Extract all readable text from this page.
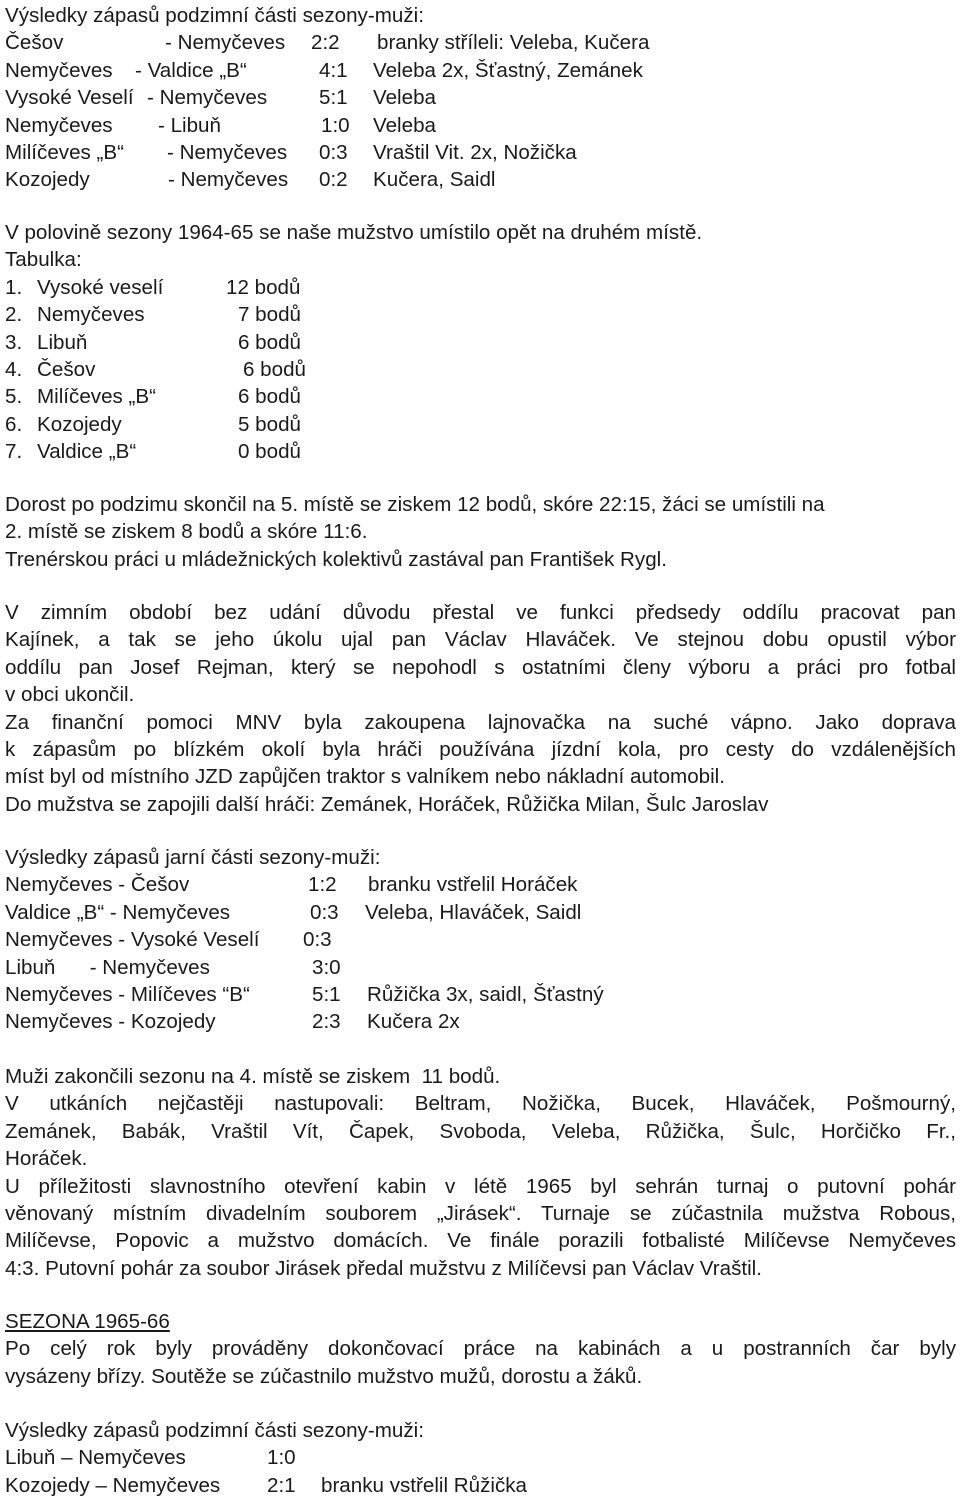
Výsledky zápasů podzimní části sezony-muži:
Češov	- Nemyčeves 2:2 branky stříleli: Veleba, Kučera
Nemyčeves - Valdice „B“	4:1 Veleba 2x, Šťastný, Zemánek
Vysoké Veselí - Nemyčeves	5:1 Veleba
Nemyčeves - Libuň	1:0 Veleba
Milíčeves „B“ - Nemyčeves 0:3 Vraštil Vit. 2x, Nožička
Kozojedy	- Nemyčeves 0:2 Kučera, Saidl
V polovině sezony 1964-65 se naše mužstvo umístilo opět na druhém místě.
Tabulka:
1. Vysoké veselí	12 bodů
2. Nemyčeves	7 bodů
3. Libuň	6 bodů
4. Češov	6 bodů
5. Milíčeves „B“	6 bodů
6. Kozojedy	5 bodů
7. Valdice „B“	0 bodů
Dorost po podzimu skončil na 5. místě se ziskem 12 bodů, skóre 22:15, žáci se umístili na
2. místě se ziskem 8 bodů a skóre 11:6.
Trenérskou práci u mládežnických kolektivů zastával pan František Rygl.
V zimním období bez udání důvodu přestal ve funkci předsedy oddílu pracovat pan
Kajínek, a tak se jeho úkolu ujal pan Václav Hlaváček. Ve stejnou dobu opustil výbor
oddílu pan Josef Rejman, který se nepohodl s ostatními členy výboru a práci pro fotbal
v obci ukončil.
Za finanční pomoci MNV byla zakoupena lajnovačka na suché vápno. Jako doprava
k zápasům po blízkém okolí byla hráči používána jízdní kola, pro cesty do vzdálenějších
míst byl od místního JZD zapůjčen traktor s valníkem nebo nákladní automobil.
Do mužstva se zapojili další hráči: Zemánek, Horáček, Růžička Milan, Šulc Jaroslav
Výsledky zápasů jarní části sezony-muži:
Nemyčeves - Češov	1:2 branku vstřelil Horáček
Valdice „B“ - Nemyčeves	0:3 Veleba, Hlaváček, Saidl
Nemyčeves - Vysoké Veselí 0:3
Libuň      - Nemyčeves	3:0
Nemyčeves - Milíčeves “B“	5:1 Růžička 3x, saidl, Šťastný
Nemyčeves - Kozojedy	2:3 Kučera 2x
Muži zakončili sezonu na 4. místě se ziskem  11 bodů.
V utkáních nejčastěji nastupovali: Beltram, Nožička, Bucek, Hlaváček, Pošmourný,
Zemánek, Babák, Vraštil Vít, Čapek, Svoboda, Veleba, Růžička, Šulc, Horčičko Fr.,
Horáček.
U příležitosti slavnostního otevření kabin v létě 1965 byl sehrán turnaj o putovní pohár
věnovaný místním divadelním souborem „Jirásek“. Turnaje se zúčastnila mužstva Robous,
Milíčevse, Popovic a mužstvo domácích. Ve finále porazili fotbalisté Milíčevse Nemyčeves
4:3. Putovní pohár za soubor Jirásek předal mužstvu z Milíčevsi pan Václav Vraštil.
SEZONA 1965-66
Po celý rok byly prováděny dokončovací práce na kabinách a u postranních čar byly
vysázeny břízy. Soutěže se zúčastnilo mužstvo mužů, dorostu a žáků.
Výsledky zápasů podzimní části sezony-muži:
Libuň – Nemyčeves	1:0
Kozojedy – Nemyčeves 2:1 branku vstřelil Růžička
